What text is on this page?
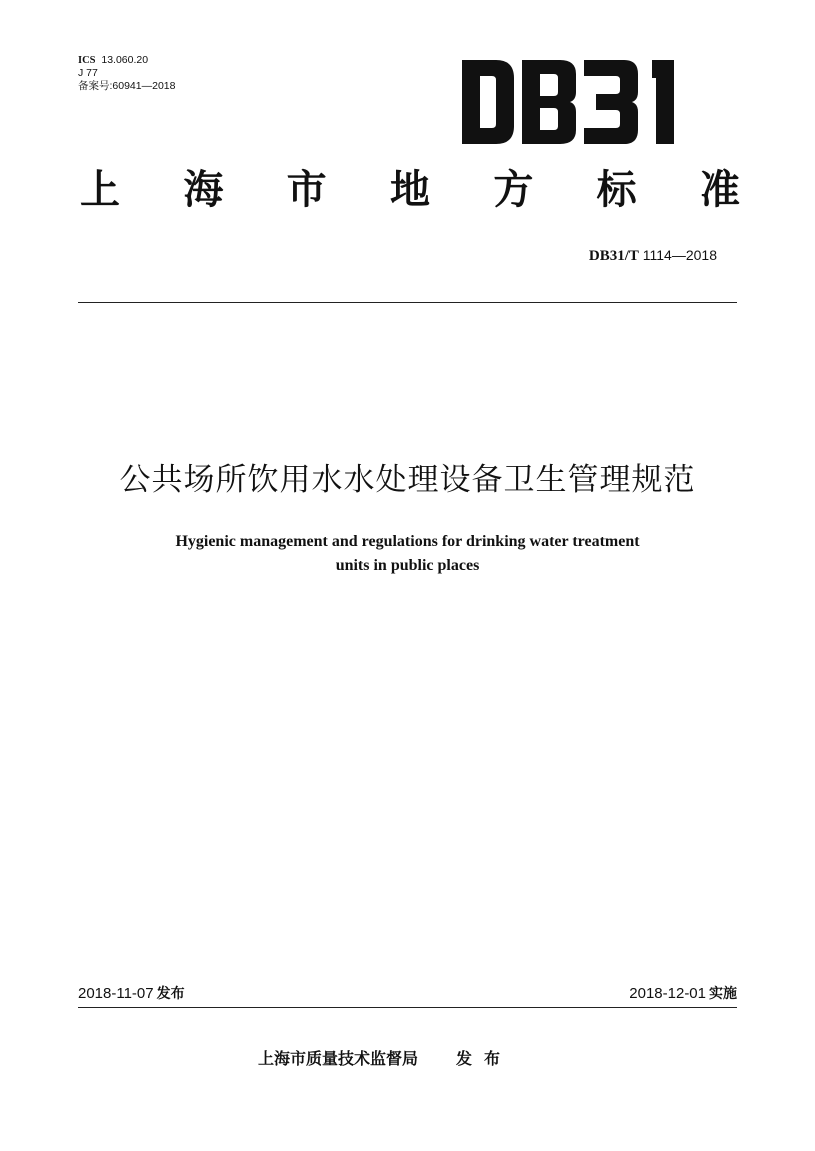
ICS 13.060.20
J 77
备案号:60941—2018
上 海 市 地 方 标 准
DB31/T 1114—2018
公共场所饮用水水处理设备卫生管理规范
Hygienic management and regulations for drinking water treatment
units in public places
2018-11-07 发布	2018-12-01 实施
上海市质量技术监督局 发布
